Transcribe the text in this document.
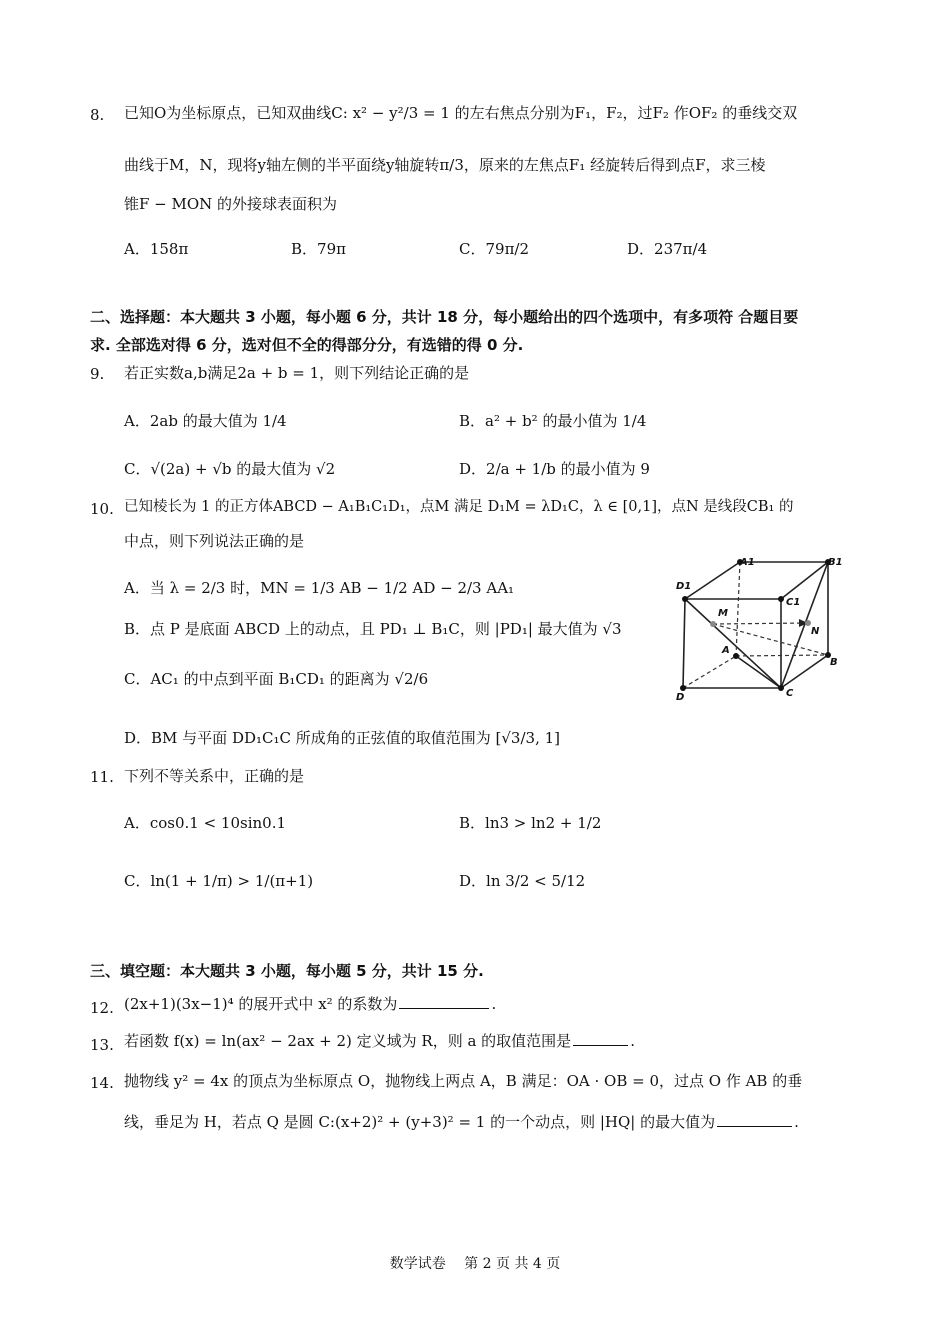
8. 已知O为坐标原点，已知双曲线C: x² − y²/3 = 1 的左右焦点分别为F₁，F₂，过F₂ 作OF₂ 的垂线交双
曲线于M，N，现将y轴左侧的半平面绕y轴旋转π/3，原来的左焦点F₁ 经旋转后得到点F，求三棱
锥F − MON 的外接球表面积为
A．158π	B．79π	C．79π/2	D．237π/4
二、选择题：本大题共 3 小题，每小题 6 分，共计 18 分，每小题给出的四个选项中，有多项符 合题目要
求. 全部选对得 6 分，选对但不全的得部分分，有选错的得 0 分.
9. 若正实数a,b满足2a + b = 1，则下列结论正确的是
A．2ab 的最大值为 1/4	B．a² + b² 的最小值为 1/4
C．√(2a) + √b 的最大值为 √2	D．2/a + 1/b 的最小值为 9
10. 已知棱长为 1 的正方体ABCD − A₁B₁C₁D₁，点M 满足 D₁M = λD₁C，λ ∈ [0,1]，点N 是线段CB₁ 的
中点，则下列说法正确的是
A．当 λ = 2/3 时，MN = 1/3 AB − 1/2 AD − 2/3 AA₁
B．点 P 是底面 ABCD 上的动点，且 PD₁ ⊥ B₁C，则 |PD₁| 最大值为 √3
C．AC₁ 的中点到平面 B₁CD₁ 的距离为 √2/6
D．BM 与平面 DD₁C₁C 所成角的正弦值的取值范围为 [√3/3, 1]
A1	B1
D1
C1
M
N
A
B
D	C
11. 下列不等关系中，正确的是
A．cos0.1 < 10sin0.1	B．ln3 > ln2 + 1/2
C．ln(1 + 1/π) > 1/(π+1)	D．ln 3/2 < 5/12
三、填空题：本大题共 3 小题，每小题 5 分，共计 15 分.
12. (2x+1)(3x−1)⁴ 的展开式中 x² 的系数为	.
13. 若函数 f(x) = ln(ax² − 2ax + 2) 定义域为 R，则 a 的取值范围是	.
14. 抛物线 y² = 4x 的顶点为坐标原点 O，抛物线上两点 A，B 满足：OA · OB = 0，过点 O 作 AB 的垂
线，垂足为 H，若点 Q 是圆 C:(x+2)² + (y+3)² = 1 的一个动点，则 |HQ| 的最大值为	.
数学试卷　 第 2 页 共 4 页
